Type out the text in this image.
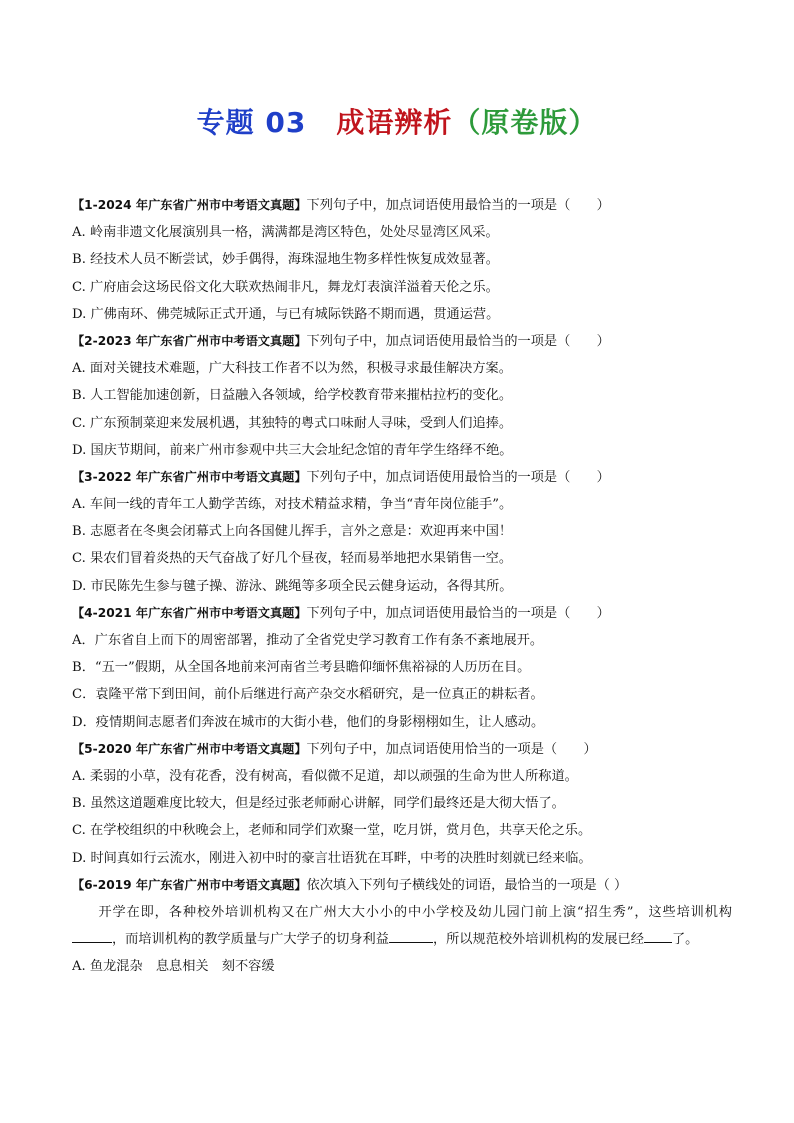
专题 03 成语辨析（原卷版）
【1-2024 年广东省广州市中考语文真题】下列句子中，加点词语使用最恰当的一项是（　　）
A. 岭南非遗文化展演别具一格，满满都是湾区特色，处处尽显湾区风采。
B. 经技术人员不断尝试，妙手偶得，海珠湿地生物多样性恢复成效显著。
C. 广府庙会这场民俗文化大联欢热闹非凡，舞龙灯表演洋溢着天伦之乐。
D. 广佛南环、佛莞城际正式开通，与已有城际铁路不期而遇，贯通运营。
【2-2023 年广东省广州市中考语文真题】下列句子中，加点词语使用最恰当的一项是（　　）
A. 面对关键技术难题，广大科技工作者不以为然，积极寻求最佳解决方案。
B. 人工智能加速创新，日益融入各领域，给学校教育带来摧枯拉朽的变化。
C. 广东预制菜迎来发展机遇，其独特的粤式口味耐人寻味，受到人们追捧。
D. 国庆节期间，前来广州市参观中共三大会址纪念馆的青年学生络绎不绝。
【3-2022 年广东省广州市中考语文真题】下列句子中，加点词语使用最恰当的一项是（　　）
A. 车间一线的青年工人勤学苦练，对技术精益求精，争当“青年岗位能手”。
B. 志愿者在冬奥会闭幕式上向各国健儿挥手，言外之意是：欢迎再来中国！
C. 果农们冒着炎热的天气奋战了好几个昼夜，轻而易举地把水果销售一空。
D. 市民陈先生参与毽子操、游泳、跳绳等多项全民云健身运动，各得其所。
【4-2021 年广东省广州市中考语文真题】下列句子中，加点词语使用最恰当的一项是（　　）
A．广东省自上而下的周密部署，推动了全省党史学习教育工作有条不紊地展开。
B．“五一”假期，从全国各地前来河南省兰考县瞻仰缅怀焦裕禄的人历历在目。
C．袁隆平常下到田间，前仆后继进行高产杂交水稻研究，是一位真正的耕耘者。
D．疫情期间志愿者们奔波在城市的大街小巷，他们的身影栩栩如生，让人感动。
【5-2020 年广东省广州市中考语文真题】下列句子中，加点词语使用恰当的一项是（　　）
A. 柔弱的小草，没有花香，没有树高，看似微不足道，却以顽强的生命为世人所称道。
B. 虽然这道题难度比较大，但是经过张老师耐心讲解，同学们最终还是大彻大悟了。
C. 在学校组织的中秋晚会上，老师和同学们欢聚一堂，吃月饼，赏月色，共享天伦之乐。
D. 时间真如行云流水，刚进入初中时的豪言壮语犹在耳畔，中考的决胜时刻就已经来临。
【6-2019 年广东省广州市中考语文真题】依次填入下列句子横线处的词语，最恰当的一项是（ ）

开学在即，各种校外培训机构又在广州大大小小的中小学校及幼儿园门前上演“招生秀”，这些培训机构，而培训机构的教学质量与广大学子的切身利益	，所以规范校外培训机构的发展已经 了。

A. 鱼龙混杂　息息相关　刻不容缓
